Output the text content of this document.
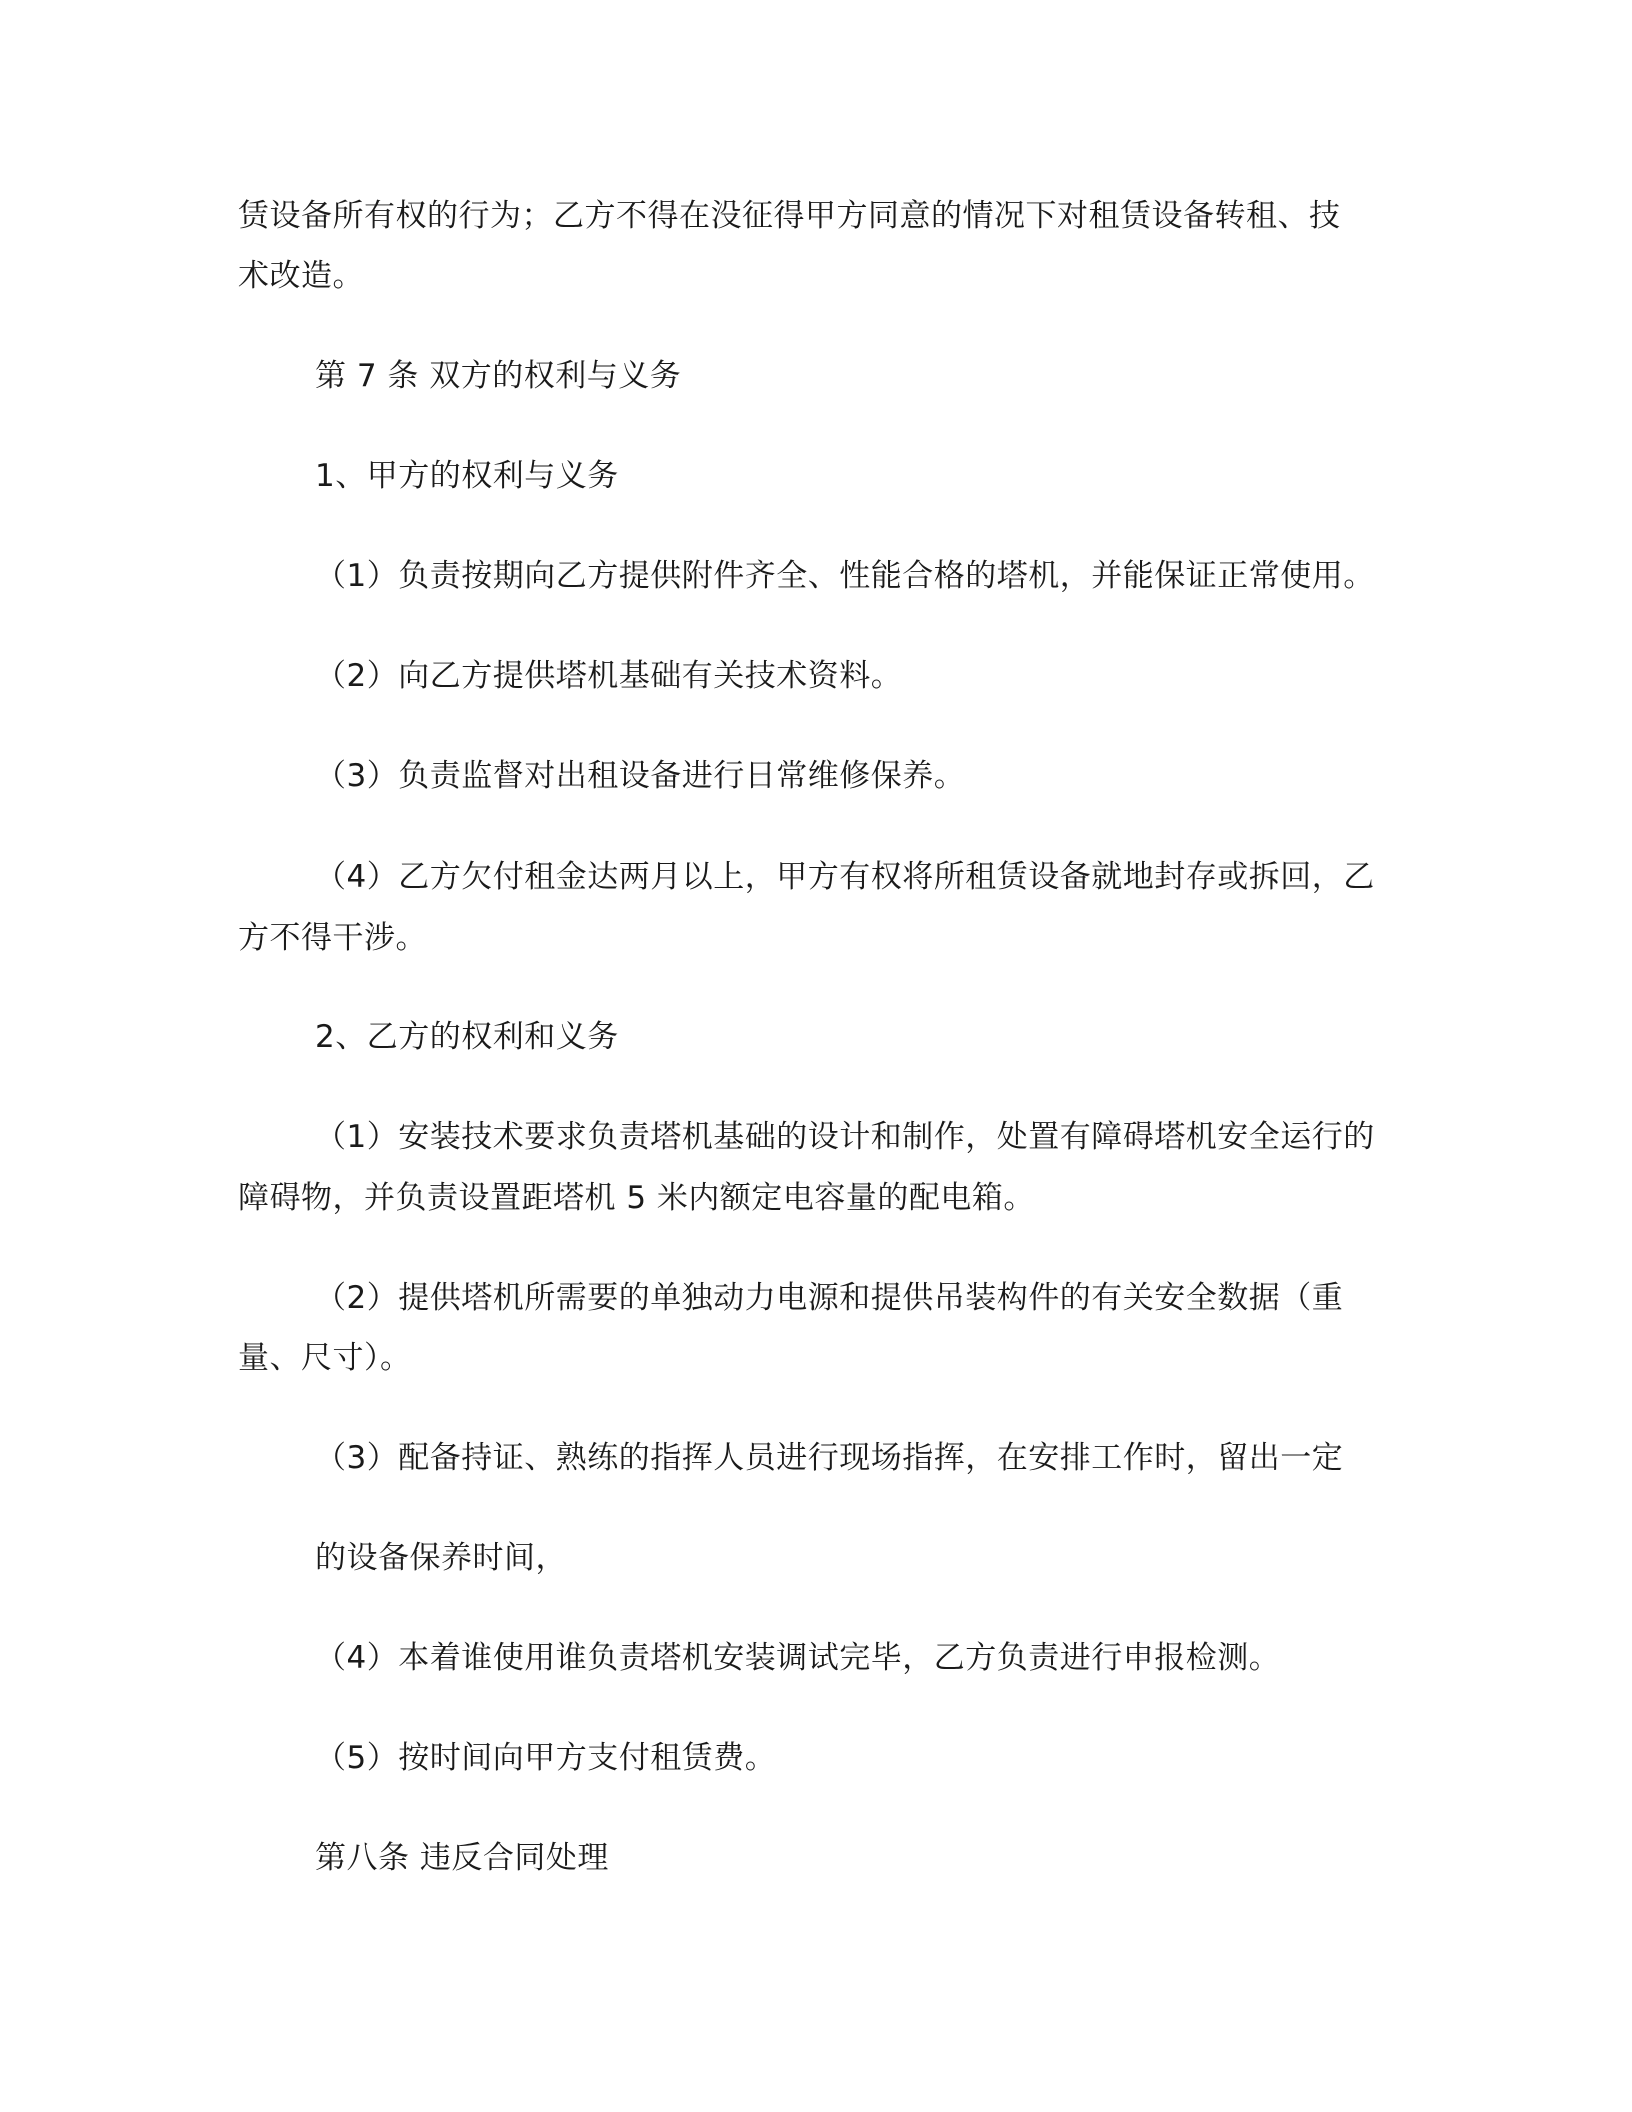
赁设备所有权的行为；乙方不得在没征得甲方同意的情况下对租赁设备转租、技
术改造。
第 7 条 双方的权利与义务
1、甲方的权利与义务
（1）负责按期向乙方提供附件齐全、性能合格的塔机，并能保证正常使用。
（2）向乙方提供塔机基础有关技术资料。
（3）负责监督对出租设备进行日常维修保养。
（4）乙方欠付租金达两月以上，甲方有权将所租赁设备就地封存或拆回，乙
方不得干涉。
2、乙方的权利和义务
（1）安装技术要求负责塔机基础的设计和制作，处置有障碍塔机安全运行的
障碍物，并负责设置距塔机 5 米内额定电容量的配电箱。
（2）提供塔机所需要的单独动力电源和提供吊装构件的有关安全数据（重
量、尺寸）。
（3）配备持证、熟练的指挥人员进行现场指挥，在安排工作时，留出一定
的设备保养时间，
（4）本着谁使用谁负责塔机安装调试完毕，乙方负责进行申报检测。
（5）按时间向甲方支付租赁费。
第八条 违反合同处理
